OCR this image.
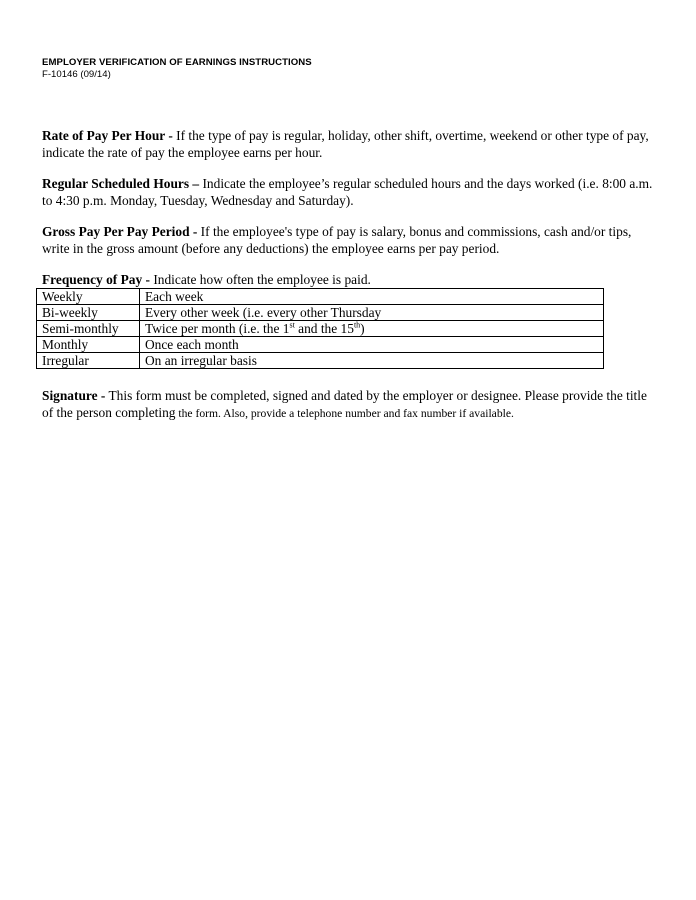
EMPLOYER VERIFICATION OF EARNINGS INSTRUCTIONS
F-10146 (09/14)

Rate of Pay Per Hour - If the type of pay is regular, holiday, other shift, overtime, weekend or other type of pay, indicate the rate of pay the employee earns per hour.

Regular Scheduled Hours – Indicate the employee’s regular scheduled hours and the days worked (i.e. 8:00 a.m. to 4:30 p.m. Monday, Tuesday, Wednesday and Saturday).

Gross Pay Per Pay Period - If the employee's type of pay is salary, bonus and commissions, cash and/or tips, write in the gross amount (before any deductions) the employee earns per pay period.

Frequency of Pay - Indicate how often the employee is paid.

Weekly	Each week
Bi-weekly	Every other week (i.e. every other Thursday
Semi-monthly	Twice per month (i.e. the 1st and the 15th)
Monthly	Once each month
Irregular	On an irregular basis

Signature - This form must be completed, signed and dated by the employer or designee. Please provide the title of the person completing the form. Also, provide a telephone number and fax number if available.
